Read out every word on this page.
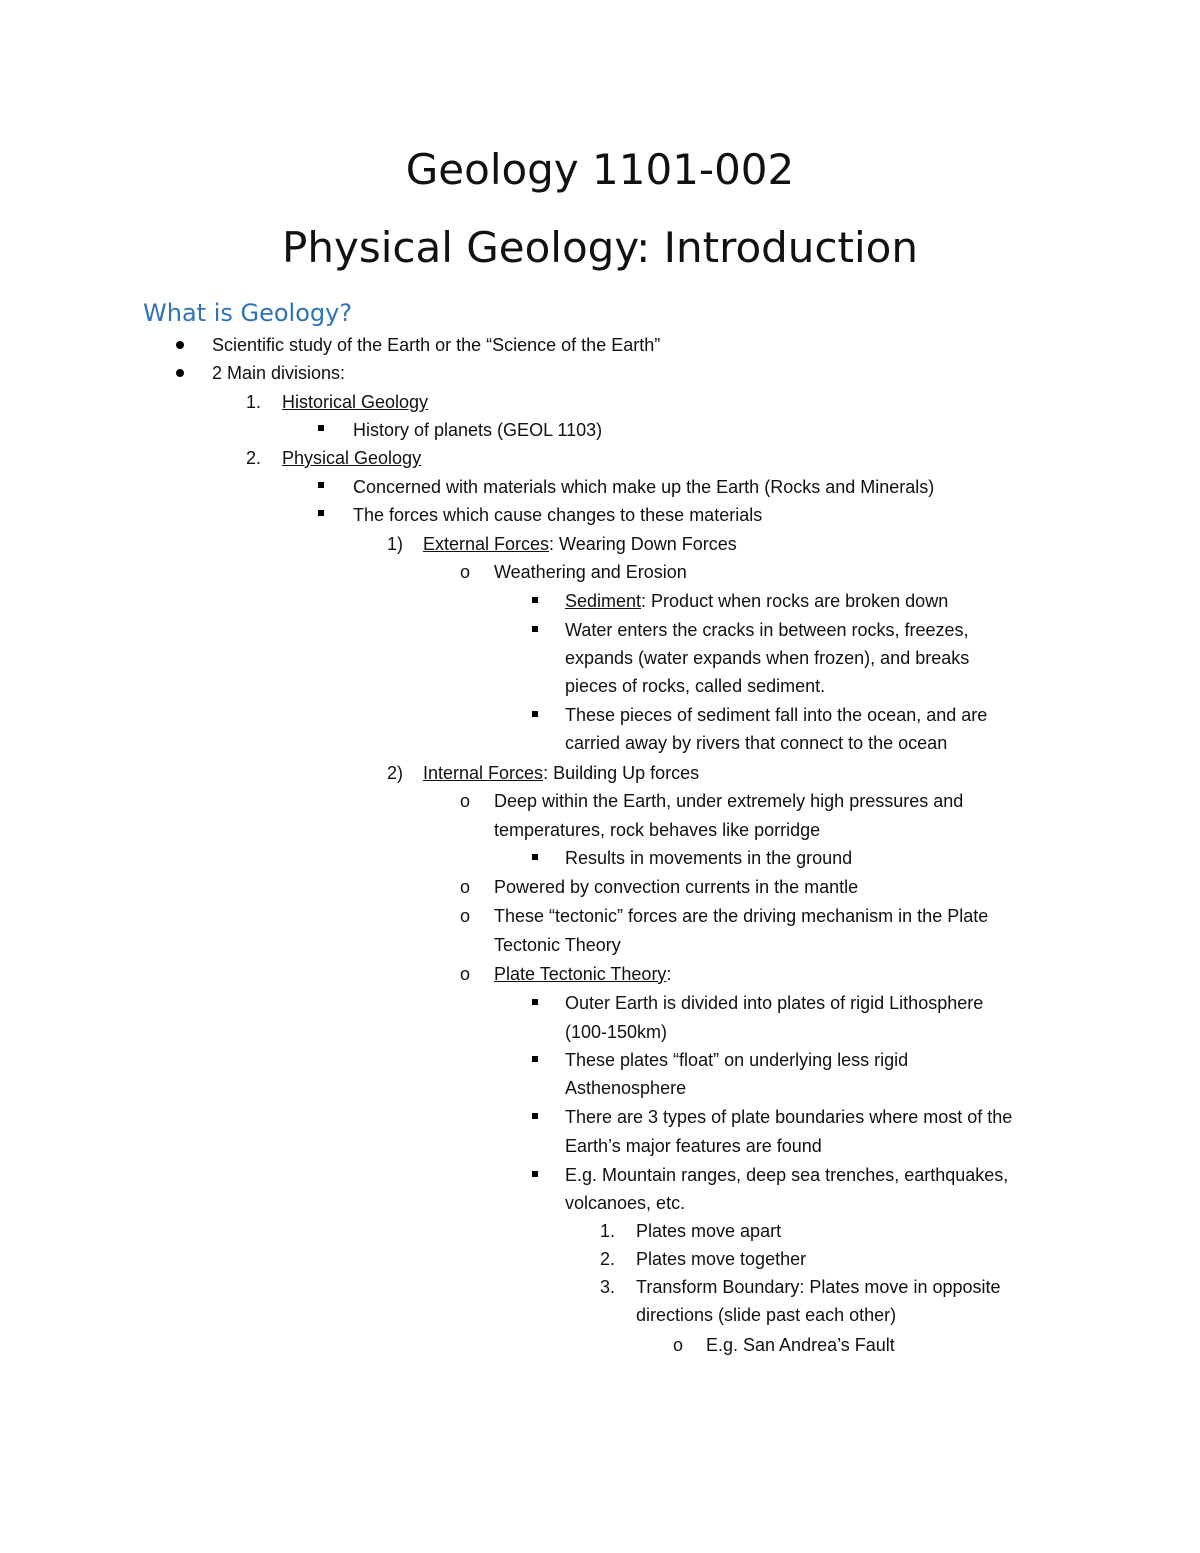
Geology 1101-002
Physical Geology: Introduction
What is Geology?
Scientific study of the Earth or the “Science of the Earth”
2 Main divisions:
1. Historical Geology
History of planets (GEOL 1103)
2. Physical Geology
Concerned with materials which make up the Earth (Rocks and Minerals)
The forces which cause changes to these materials
1) External Forces: Wearing Down Forces
o Weathering and Erosion
Sediment: Product when rocks are broken down
Water enters the cracks in between rocks, freezes,
expands (water expands when frozen), and breaks
pieces of rocks, called sediment.
These pieces of sediment fall into the ocean, and are
carried away by rivers that connect to the ocean
2) Internal Forces: Building Up forces
o Deep within the Earth, under extremely high pressures and
temperatures, rock behaves like porridge
Results in movements in the ground
o Powered by convection currents in the mantle
o These “tectonic” forces are the driving mechanism in the Plate
Tectonic Theory
o Plate Tectonic Theory:
Outer Earth is divided into plates of rigid Lithosphere
(100-150km)
These plates “float” on underlying less rigid
Asthenosphere
There are 3 types of plate boundaries where most of the
Earth’s major features are found
E.g. Mountain ranges, deep sea trenches, earthquakes,
volcanoes, etc.
1. Plates move apart
2. Plates move together
3. Transform Boundary: Plates move in opposite
directions (slide past each other)
o E.g. San Andrea’s Fault
